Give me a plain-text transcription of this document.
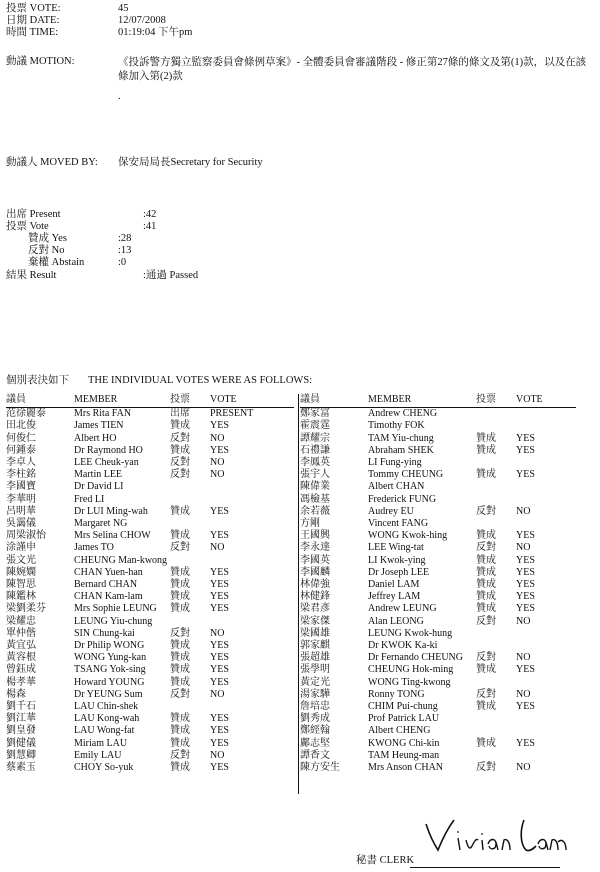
投票 VOTE:	45
日期 DATE:	12/07/2008
時間 TIME:	01:19:04 下午pm
動議 MOTION:	《投訴警方獨立監察委員會條例草案》- 全體委員會審議階段 - 修正第27條的條文及第(1)款，以及在該條加入第(2)款
.
動議人 MOVED BY: 保安局局長Secretary for Security
出席 Present	:42
投票 Vote	:41
贊成 Yes	:28
反對 No	:13
棄權 Abstain	:0
結果 Result	:通過 Passed
個別表決如下 THE INDIVIDUAL VOTES WERE AS FOLLOWS:
議員	MEMBER	投票	VOTE
范徐麗泰	Mrs Rita FAN	出席	PRESENT
田北俊	James TIEN	贊成	YES
何俊仁	Albert HO	反對	NO
何鍾泰	Dr Raymond HO	贊成	YES
李卓人	LEE Cheuk-yan	反對	NO
李柱銘	Martin LEE	反對	NO
李國寶	Dr David LI		
李華明	Fred LI		
呂明華	Dr LUI Ming-wah	贊成	YES
吳靄儀	Margaret NG		
周梁淑怡	Mrs Selina CHOW	贊成	YES
涂謹申	James TO	反對	NO
張文光	CHEUNG Man-kwong		
陳婉嫻	CHAN Yuen-han	贊成	YES
陳智思	Bernard CHAN	贊成	YES
陳鑑林	CHAN Kam-lam	贊成	YES
梁劉柔芬	Mrs Sophie LEUNG	贊成	YES
梁耀忠	LEUNG Yiu-chung		
單仲偕	SIN Chung-kai	反對	NO
黃宜弘	Dr Philip WONG	贊成	YES
黃容根	WONG Yung-kan	贊成	YES
曾鈺成	TSANG Yok-sing	贊成	YES
楊孝華	Howard YOUNG	贊成	YES
楊森	Dr YEUNG Sum	反對	NO
劉千石	LAU Chin-shek		
劉江華	LAU Kong-wah	贊成	YES
劉皇發	LAU Wong-fat	贊成	YES
劉健儀	Miriam LAU	贊成	YES
劉慧卿	Emily LAU	反對	NO
蔡素玉	CHOY So-yuk	贊成	YES
議員	MEMBER	投票	VOTE
鄭家富	Andrew CHENG		
霍震霆	Timothy FOK		
譚耀宗	TAM Yiu-chung	贊成	YES
石禮謙	Abraham SHEK	贊成	YES
李鳳英	LI Fung-ying		
張宇人	Tommy CHEUNG	贊成	YES
陳偉業	Albert CHAN		
馮檢基	Frederick FUNG		
余若薇	Audrey EU	反對	NO
方剛	Vincent FANG		
王國興	WONG Kwok-hing	贊成	YES
李永達	LEE Wing-tat	反對	NO
李國英	LI Kwok-ying	贊成	YES
李國麟	Dr Joseph LEE	贊成	YES
林偉強	Daniel LAM	贊成	YES
林健鋒	Jeffrey LAM	贊成	YES
梁君彥	Andrew LEUNG	贊成	YES
梁家傑	Alan LEONG	反對	NO
梁國雄	LEUNG Kwok-hung		
郭家麒	Dr KWOK Ka-ki		
張超雄	Dr Fernando CHEUNG	反對	NO
張學明	CHEUNG Hok-ming	贊成	YES
黃定光	WONG Ting-kwong		
湯家驊	Ronny TONG	反對	NO
詹培忠	CHIM Pui-chung	贊成	YES
劉秀成	Prof Patrick LAU		
鄭經翰	Albert CHENG		
鄺志堅	KWONG Chi-kin	贊成	YES
譚香文	TAM Heung-man		
陳方安生	Mrs Anson CHAN	反對	NO
秘書 CLERK
